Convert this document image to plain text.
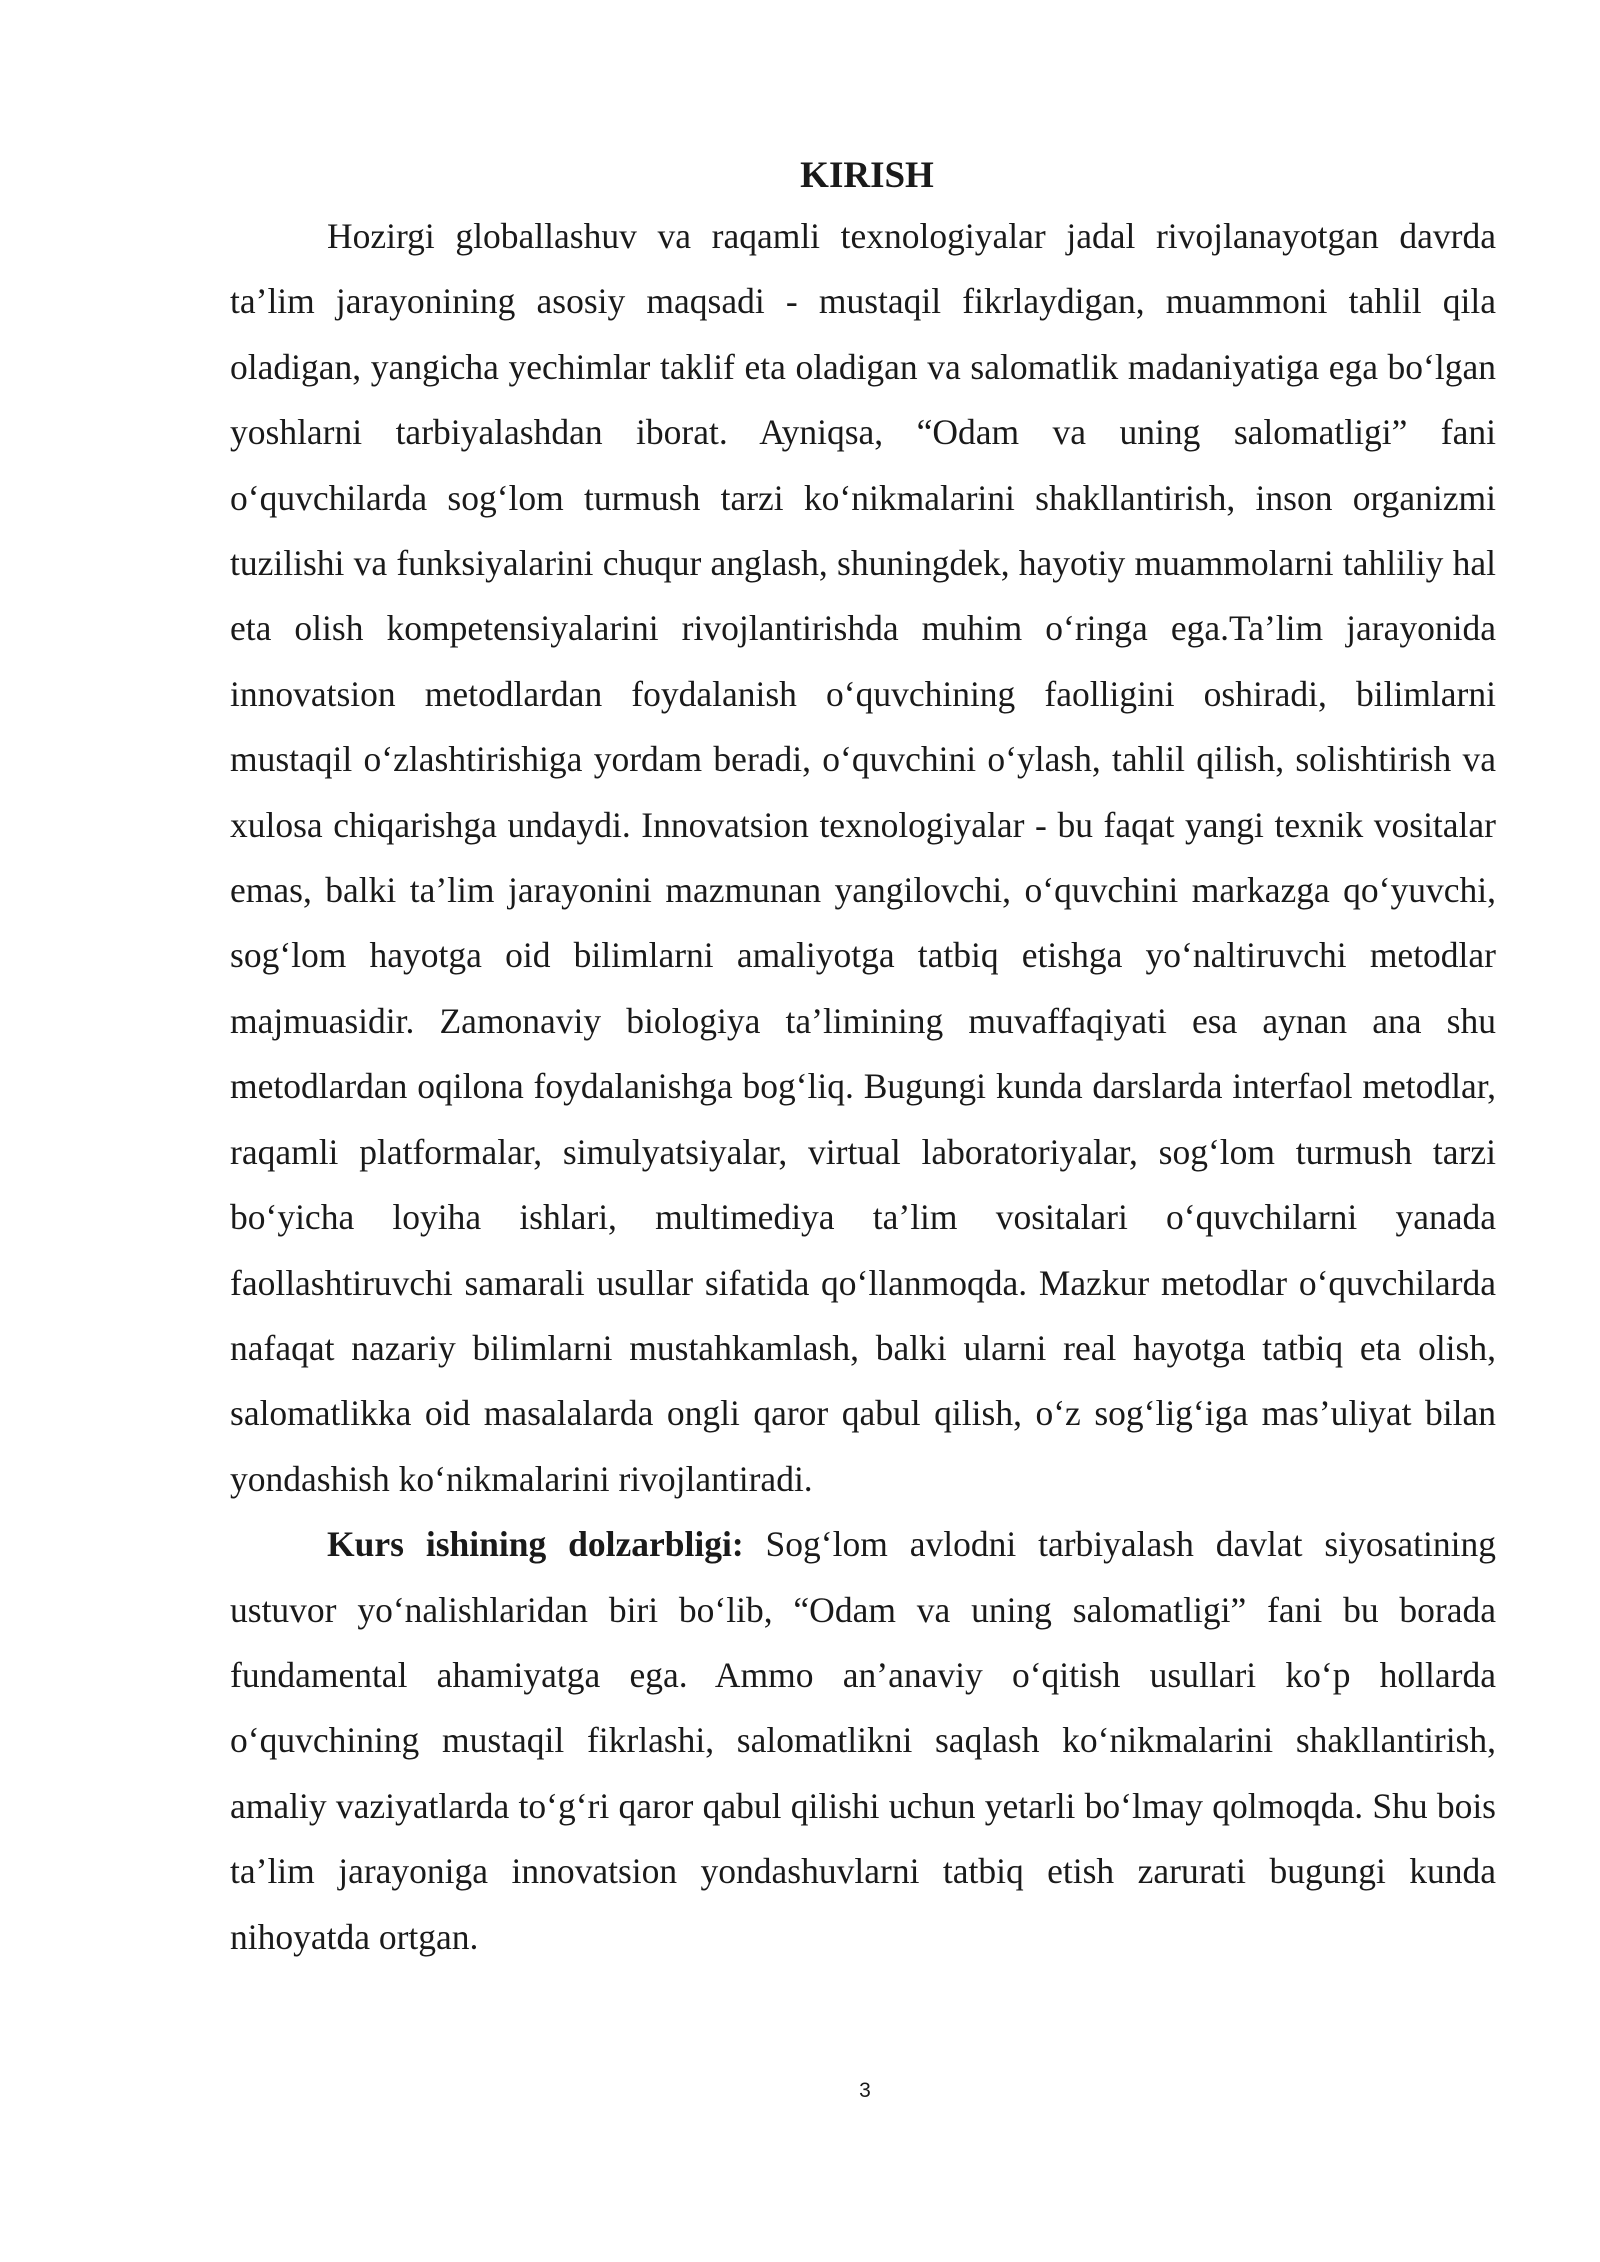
KIRISH

Hozirgi globallashuv va raqamli texnologiyalar jadal rivojlanayotgan davrda ta’lim jarayonining asosiy maqsadi - mustaqil fikrlaydigan, muammoni tahlil qila oladigan, yangicha yechimlar taklif eta oladigan va salomatlik madaniyatiga ega bo‘lgan yoshlarni tarbiyalashdan iborat. Ayniqsa, “Odam va uning salomatligi” fani o‘quvchilarda sog‘lom turmush tarzi ko‘nikmalarini shakllantirish, inson organizmi tuzilishi va funksiyalarini chuqur anglash, shuningdek, hayotiy muammolarni tahliliy hal eta olish kompetensiyalarini rivojlantirishda muhim o‘ringa ega.Ta’lim jarayonida innovatsion metodlardan foydalanish o‘quvchining faolligini oshiradi, bilimlarni mustaqil o‘zlashtirishiga yordam beradi, o‘quvchini o‘ylash, tahlil qilish, solishtirish va xulosa chiqarishga undaydi. Innovatsion texnologiyalar - bu faqat yangi texnik vositalar emas, balki ta’lim jarayonini mazmunan yangilovchi, o‘quvchini markazga qo‘yuvchi, sog‘lom hayotga oid bilimlarni amaliyotga tatbiq etishga yo‘naltiruvchi metodlar majmuasidir. Zamonaviy biologiya ta’limining muvaffaqiyati esa aynan ana shu metodlardan oqilona foydalanishga bog‘liq. Bugungi kunda darslarda interfaol metodlar, raqamli platformalar, simulyatsiyalar, virtual laboratoriyalar, sog‘lom turmush tarzi bo‘yicha loyiha ishlari, multimediya ta’lim vositalari o‘quvchilarni yanada faollashtiruvchi samarali usullar sifatida qo‘llanmoqda. Mazkur metodlar o‘quvchilarda nafaqat nazariy bilimlarni mustahkamlash, balki ularni real hayotga tatbiq eta olish, salomatlikka oid masalalarda ongli qaror qabul qilish, o‘z sog‘lig‘iga mas’uliyat bilan yondashish ko‘nikmalarini rivojlantiradi.

Kurs ishining dolzarbligi: Sog‘lom avlodni tarbiyalash davlat siyosatining ustuvor yo‘nalishlaridan biri bo‘lib, “Odam va uning salomatligi” fani bu borada fundamental ahamiyatga ega. Ammo an’anaviy o‘qitish usullari ko‘p hollarda o‘quvchining mustaqil fikrlashi, salomatlikni saqlash ko‘nikmalarini shakllantirish, amaliy vaziyatlarda to‘g‘ri qaror qabul qilishi uchun yetarli bo‘lmay qolmoqda. Shu bois ta’lim jarayoniga innovatsion yondashuvlarni tatbiq etish zarurati bugungi kunda nihoyatda ortgan.

3
